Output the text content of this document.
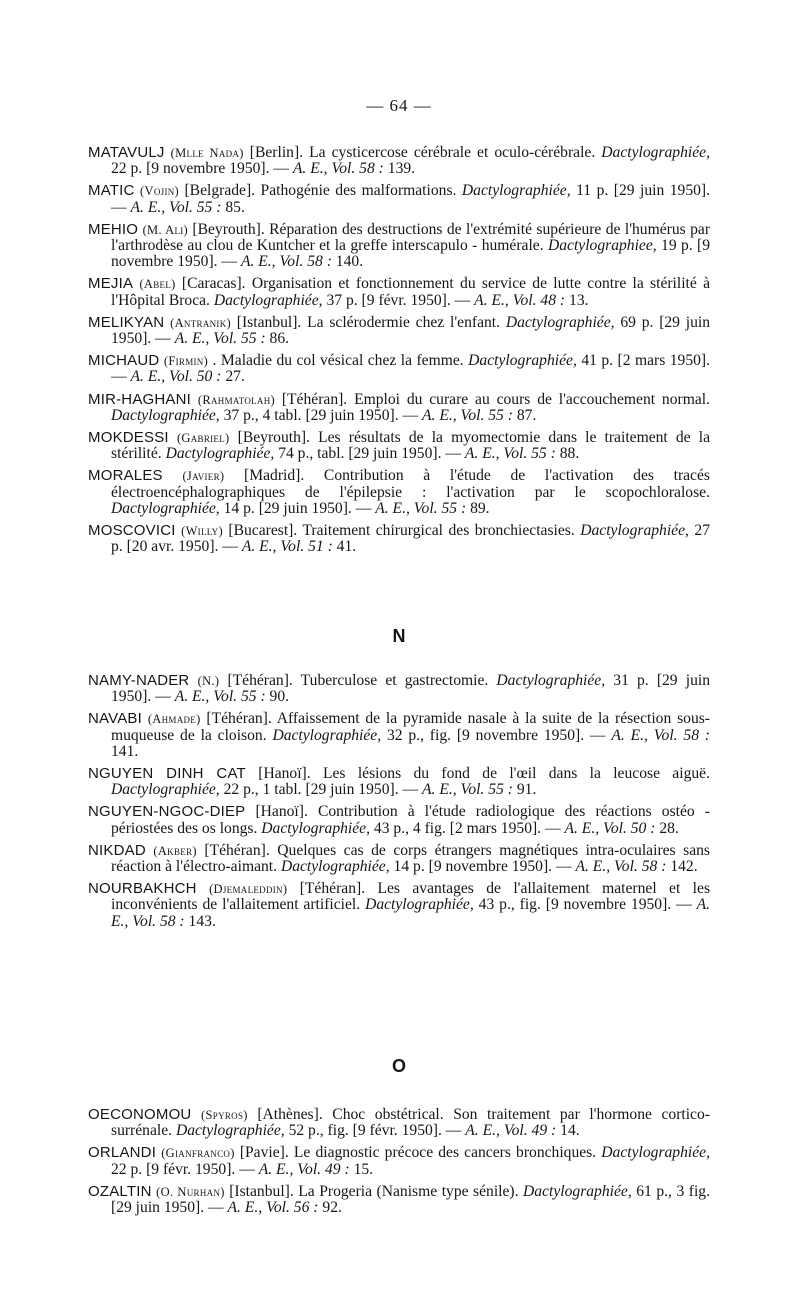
— 64 —

MATAVULJ (Mlle Nada) [Berlin]. La cysticercose cérébrale et oculo-cérébrale. Dactylographiée, 22 p. [9 novembre 1950]. — A. E., Vol. 58 : 139.

MATIC (Vojin) [Belgrade]. Pathogénie des malformations. Dactylographiée, 11 p. [29 juin 1950]. — A. E., Vol. 55 : 85.

MEHIO (M. Ali) [Beyrouth]. Réparation des destructions de l'extrémité supérieure de l'humérus par l'arthrodèse au clou de Kuntcher et la greffe interscapulo - humérale. Dactylographiee, 19 p. [9 novembre 1950]. — A. E., Vol. 58 : 140.

MEJIA (Abel) [Caracas]. Organisation et fonctionnement du service de lutte contre la stérilité à l'Hôpital Broca. Dactylographiée, 37 p. [9 févr. 1950]. — A. E., Vol. 48 : 13.

MELIKYAN (Antranik) [Istanbul]. La sclérodermie chez l'enfant. Dactylographiée, 69 p. [29 juin 1950]. — A. E., Vol. 55 : 86.

MICHAUD (Firmin) . Maladie du col vésical chez la femme. Dactylographiée, 41 p. [2 mars 1950]. — A. E., Vol. 50 : 27.

MIR-HAGHANI (Rahmatolah) [Téhéran]. Emploi du curare au cours de l'accouchement normal. Dactylographiée, 37 p., 4 tabl. [29 juin 1950]. — A. E., Vol. 55 : 87.

MOKDESSI (Gabriel) [Beyrouth]. Les résultats de la myomectomie dans le traitement de la stérilité. Dactylographiée, 74 p., tabl. [29 juin 1950]. — A. E., Vol. 55 : 88.

MORALES (Javier) [Madrid]. Contribution à l'étude de l'activation des tracés électroencéphalographiques de l'épilepsie : l'activation par le scopochloralose. Dactylographiée, 14 p. [29 juin 1950]. — A. E., Vol. 55 : 89.

MOSCOVICI (Willy) [Bucarest]. Traitement chirurgical des bronchiectasies. Dactylographiée, 27 p. [20 avr. 1950]. — A. E., Vol. 51 : 41.

N

NAMY-NADER (N.) [Téhéran]. Tuberculose et gastrectomie. Dactylographiée, 31 p. [29 juin 1950]. — A. E., Vol. 55 : 90.

NAVABI (Ahmade) [Téhéran]. Affaissement de la pyramide nasale à la suite de la résection sous-muqueuse de la cloison. Dactylographiée, 32 p., fig. [9 novembre 1950]. — A. E., Vol. 58 : 141.

NGUYEN DINH CAT [Hanoï]. Les lésions du fond de l'œil dans la leucose aiguë. Dactylographiée, 22 p., 1 tabl. [29 juin 1950]. — A. E., Vol. 55 : 91.

NGUYEN-NGOC-DIEP [Hanoï]. Contribution à l'étude radiologique des réactions ostéo - périostées des os longs. Dactylographiée, 43 p., 4 fig. [2 mars 1950]. — A. E., Vol. 50 : 28.

NIKDAD (Akber) [Téhéran]. Quelques cas de corps étrangers magnétiques intra-oculaires sans réaction à l'électro-aimant. Dactylographiée, 14 p. [9 novembre 1950]. — A. E., Vol. 58 : 142.

NOURBAKHCH (Djemaleddin) [Téhéran]. Les avantages de l'allaitement maternel et les inconvénients de l'allaitement artificiel. Dactylographiée, 43 p., fig. [9 novembre 1950]. — A. E., Vol. 58 : 143.

O

OECONOMOU (Spyros) [Athènes]. Choc obstétrical. Son traitement par l'hormone cortico-surrénale. Dactylographiée, 52 p., fig. [9 févr. 1950]. — A. E., Vol. 49 : 14.

ORLANDI (Gianfranco) [Pavie]. Le diagnostic précoce des cancers bronchiques. Dactylographiée, 22 p. [9 févr. 1950]. — A. E., Vol. 49 : 15.

OZALTIN (O. Nurhan) [Istanbul]. La Progeria (Nanisme type sénile). Dactylographiée, 61 p., 3 fig. [29 juin 1950]. — A. E., Vol. 56 : 92.
